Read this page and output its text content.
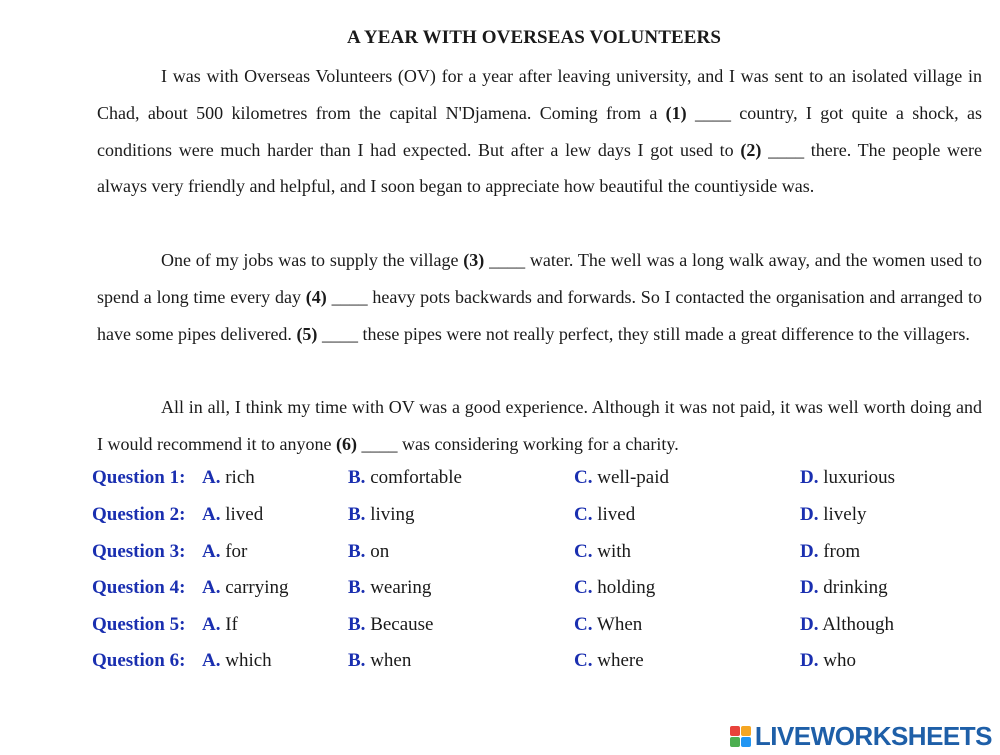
A YEAR WITH OVERSEAS VOLUNTEERS
I was with Overseas Volunteers (OV) for a year after leaving university, and I was sent to an isolated village in Chad, about 500 kilometres from the capital N'Djamena. Coming from a (1) ____ country, I got quite a shock, as conditions were much harder than I had expected. But after a lew days I got used to (2) ____ there. The people were always very friendly and helpful, and I soon began to appreciate how beautiful the countiyside was.
One of my jobs was to supply the village (3) ____ water. The well was a long walk away, and the women used to spend a long time every day (4) ____ heavy pots backwards and forwards. So I contacted the organisation and arranged to have some pipes delivered. (5) ____ these pipes were not really perfect, they still made a great difference to the villagers.
All in all, I think my time with OV was a good experience. Although it was not paid, it was well worth doing and I would recommend it to anyone (6) ____ was considering working for a charity.
Question 1: A. rich	B. comfortable	C. well-paid	D. luxurious
Question 2: A. lived	B. living	C. lived	D. lively
Question 3: A. for	B. on	C. with	D. from
Question 4: A. carrying	B. wearing	C. holding	D. drinking
Question 5: A. If	B. Because	C. When	D. Although
Question 6: A. which	B. when	C. where	D. who
LIVEWORKSHEETS
